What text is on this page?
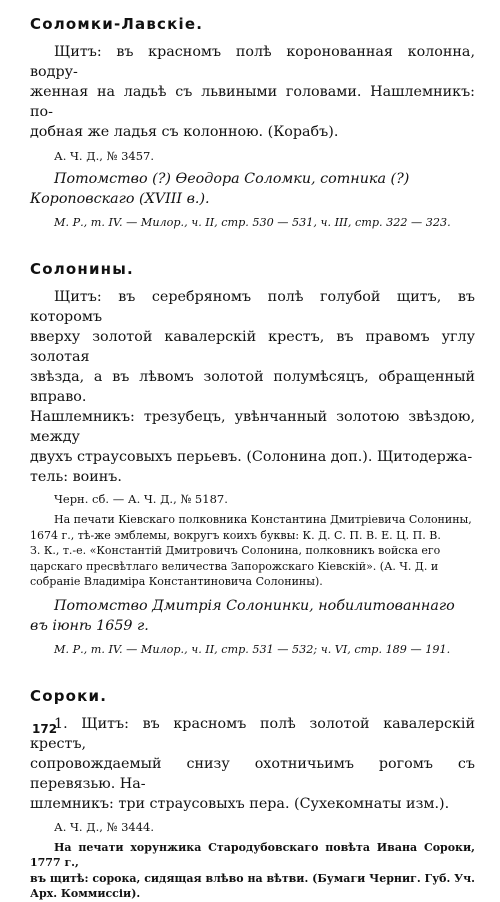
Соломки-Лавскіе.

Щитъ: въ красномъ полѣ коронованная колонна, водру-
женная на ладьѣ съ львиными головами. Нашлемникъ: по-
добная же ладья съ колонною. (Корабъ).

А. Ч. Д., № 3457.

Потомство (?) Ѳеодора Соломки, сотника (?) Короповскаго (XVIII в.).

М. Р., т. IV. — Милор., ч. II, стр. 530 — 531, ч. III, стр. 322 — 323.

Солонины.

Щитъ: въ серебряномъ полѣ голубой щитъ, въ которомъ
вверху золотой кавалерскій крестъ, въ правомъ углу золотая
звѣзда, а въ лѣвомъ золотой полумѣсяцъ, обращенный вправо.
Нашлемникъ: трезубецъ, увѣнчанный золотою звѣздою, между
двухъ страусовыхъ перьевъ. (Солонина доп.). Щитодержа-
тель: воинъ.

Черн. сб. — А. Ч. Д., № 5187.

На печати Кіевскаго полковника Константина Дмитріевича Солонины,
1674 г., тѣ-же эмблемы, вокругъ коихъ буквы: К. Д. С. П. В. Е. Ц. П. В.
З. К., т.-е. «Константій Дмитровичъ Солонина, полковникъ войска его
царскаго пресвѣтлаго величества Запорожскаго Кіевскій». (А. Ч. Д. и
собраніе Владиміра Константиновича Солонины).

Потомство Дмитрія Солонинки, нобилитованнаго въ іюнѣ 1659 г.

М. Р., т. IV. — Милор., ч. II, стр. 531 — 532; ч. VI, стр. 189 — 191.

Сороки.

1. Щитъ: въ красномъ полѣ золотой кавалерскій крестъ,
сопровождаемый снизу охотничьимъ рогомъ съ перевязью. На-
шлемникъ: три страусовыхъ пера. (Сухекомнаты изм.).

А. Ч. Д., № 3444.

На печати хорунжика Стародубовскаго повѣта Ивана Сороки, 1777 г.,
въ щитѣ: сорока, сидящая влѣво на вѣтви. (Бумаги Черниг. Губ. Уч.
Арх. Коммиссіи).

172
